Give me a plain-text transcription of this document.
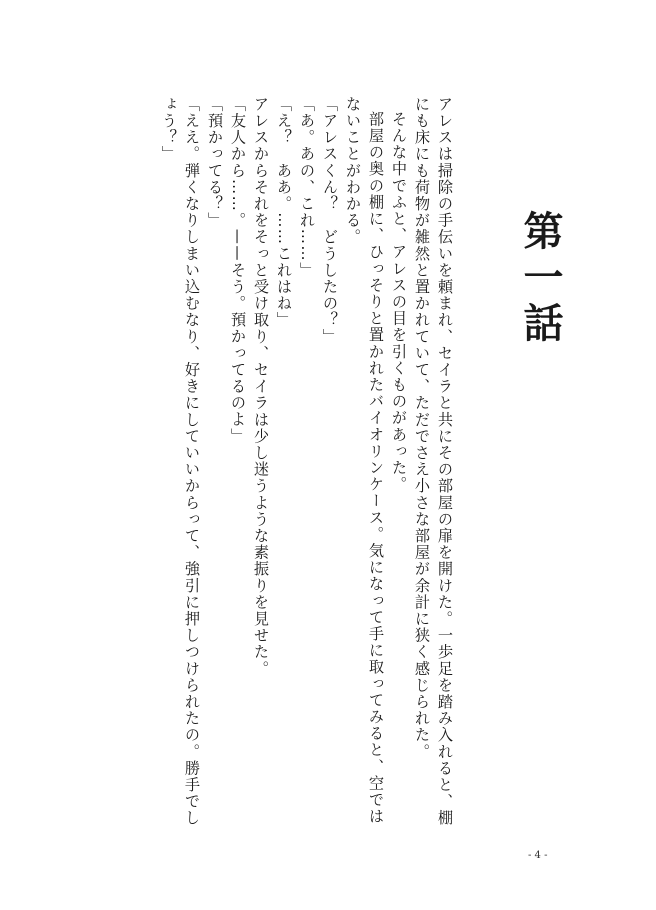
第一話

アレスは掃除の手伝いを頼まれ、セイラと共にその部屋の扉を開けた。一歩足を踏み入れると、棚にも床にも荷物が雑然と置かれていて、ただでさえ小さな部屋が余計に狭く感じられた。

そんな中でふと、アレスの目を引くものがあった。

部屋の奥の棚に、ひっそりと置かれたバイオリンケース。気になって手に取ってみると、空ではないことがわかる。

「アレスくん？　どうしたの？」

「あ。あの、これ……」

「え？　ああ。……これはね」

アレスからそれをそっと受け取り、セイラは少し迷うような素振りを見せた。

「友人から……。——そう。預かってるのよ」

「預かってる？」

「ええ。弾くなりしまい込むなり、好きにしていいからって、強引に押しつけられたの。勝手でしょう？」

- 4 -
